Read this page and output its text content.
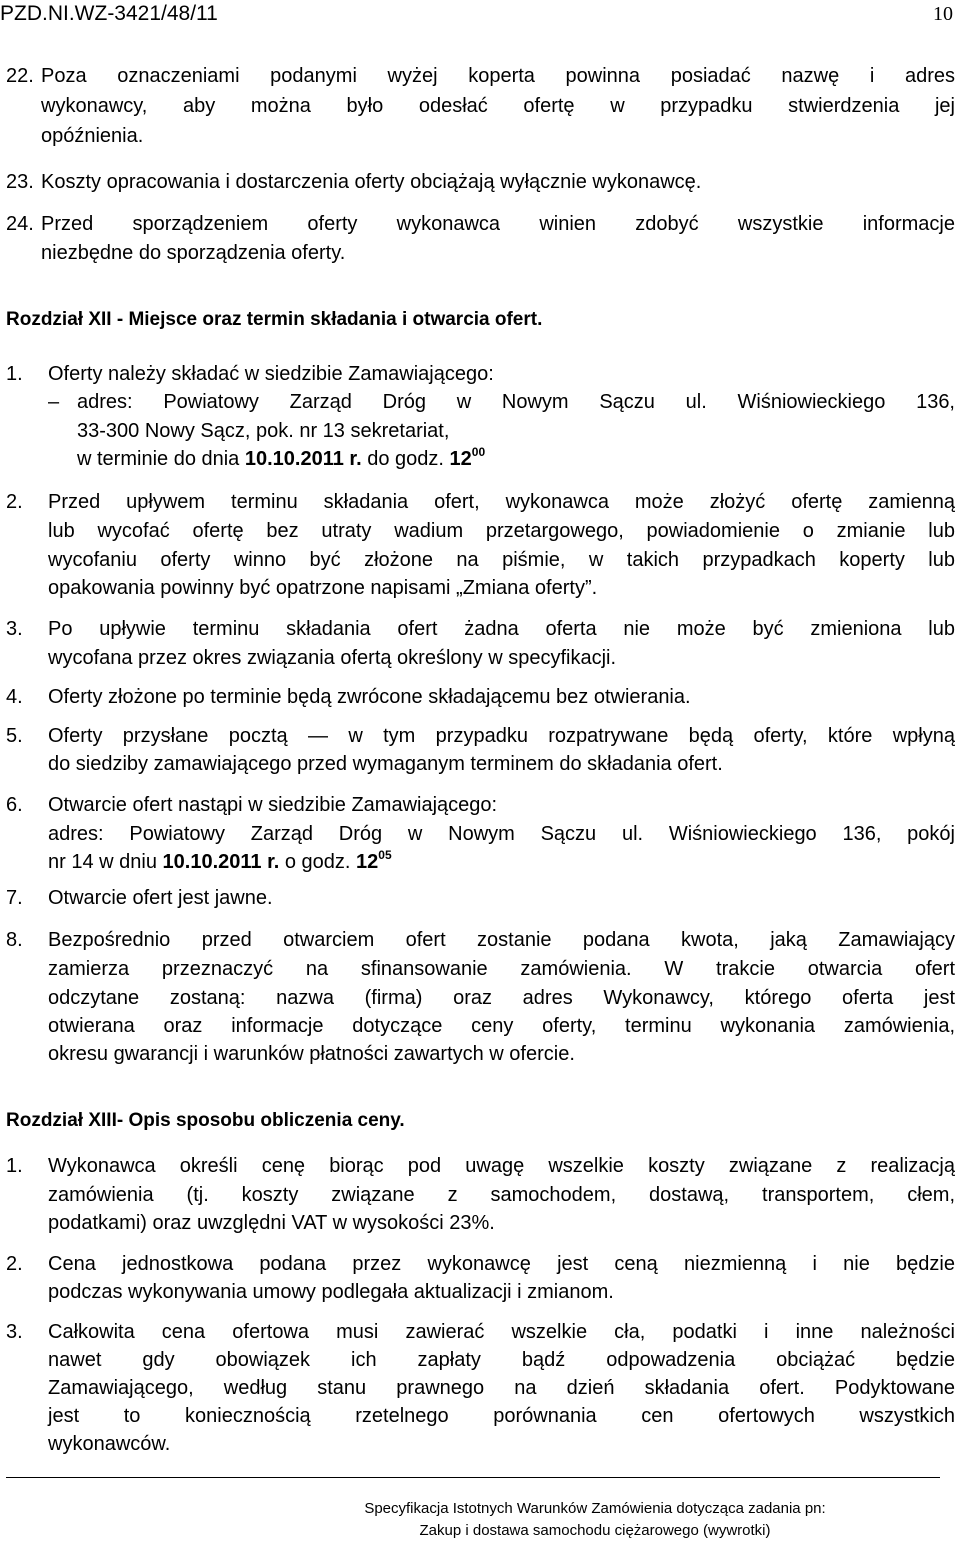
PZD.NI.WZ-3421/48/11	10
22. Poza oznaczeniami podanymi wyżej koperta powinna posiadać nazwę i adres
wykonawcy, aby można było odesłać ofertę w przypadku stwierdzenia jej
opóźnienia.
23. Koszty opracowania i dostarczenia oferty obciążają wyłącznie wykonawcę.
24. Przed sporządzeniem oferty wykonawca winien zdobyć wszystkie informacje
niezbędne do sporządzenia oferty.
Rozdział XII - Miejsce oraz termin składania i otwarcia ofert.
1. Oferty należy składać w siedzibie Zamawiającego:
– adres: Powiatowy Zarząd Dróg w Nowym Sączu ul. Wiśniowieckiego 136,
33-300 Nowy Sącz, pok. nr 13 sekretariat,
w terminie do dnia 10.10.2011 r. do godz. $12^{00}$
2. Przed upływem terminu składania ofert, wykonawca może złożyć ofertę zamienną
lub wycofać ofertę bez utraty wadium przetargowego, powiadomienie o zmianie lub
wycofaniu oferty winno być złożone na piśmie, w takich przypadkach koperty lub
opakowania powinny być opatrzone napisami „Zmiana oferty”.
3. Po upływie terminu składania ofert żadna oferta nie może być zmieniona lub
wycofana przez okres związania ofertą określony w specyfikacji.
4. Oferty złożone po terminie będą zwrócone składającemu bez otwierania.
5. Oferty przysłane pocztą — w tym przypadku rozpatrywane będą oferty, które wpłyną
do siedziby zamawiającego przed wymaganym terminem do składania ofert.
6. Otwarcie ofert nastąpi w siedzibie Zamawiającego:
adres: Powiatowy Zarząd Dróg w Nowym Sączu ul. Wiśniowieckiego 136, pokój
nr 14 w dniu 10.10.2011 r. o godz. $12^{05}$
7. Otwarcie ofert jest jawne.
8. Bezpośrednio przed otwarciem ofert zostanie podana kwota, jaką Zamawiający
zamierza przeznaczyć na sfinansowanie zamówienia. W trakcie otwarcia ofert
odczytane zostaną: nazwa (firma) oraz adres Wykonawcy, którego oferta jest
otwierana oraz informacje dotyczące ceny oferty, terminu wykonania zamówienia,
okresu gwarancji i warunków płatności zawartych w ofercie.
Rozdział XIII- Opis sposobu obliczenia ceny.
1. Wykonawca określi cenę biorąc pod uwagę wszelkie koszty związane z realizacją
zamówienia (tj. koszty związane z samochodem, dostawą, transportem, cłem,
podatkami) oraz uwzględni VAT w wysokości 23%.
2. Cena jednostkowa podana przez wykonawcę jest ceną niezmienną i nie będzie
podczas wykonywania umowy podlegała aktualizacji i zmianom.
3. Całkowita cena ofertowa musi zawierać wszelkie cła, podatki i inne należności
nawet gdy obowiązek ich zapłaty bądź odpowadzenia obciążać będzie
Zamawiającego, według stanu prawnego na dzień składania ofert. Podyktowane
jest to koniecznością rzetelnego porównania cen ofertowych wszystkich
wykonawców.
Specyfikacja Istotnych Warunków Zamówienia dotycząca zadania pn:
Zakup i dostawa samochodu ciężarowego (wywrotki)
